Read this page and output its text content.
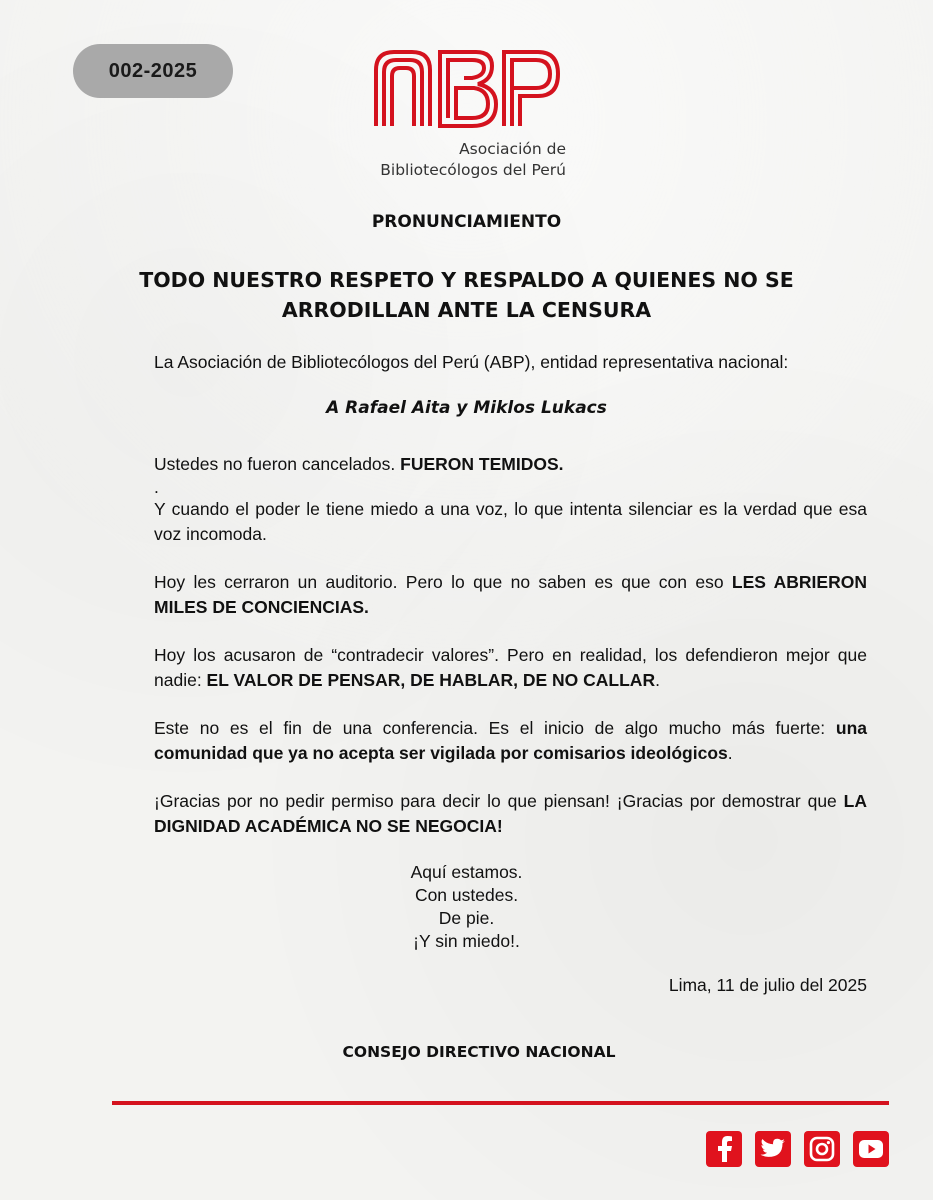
002-2025
Asociación de
Bibliotecólogos del Perú
PRONUNCIAMIENTO
TODO NUESTRO RESPETO Y RESPALDO A QUIENES NO SE
ARRODILLAN ANTE LA CENSURA
La Asociación de Bibliotecólogos del Perú (ABP), entidad representativa nacional:
A Rafael Aita y Miklos Lukacs
Ustedes no fueron cancelados. FUERON TEMIDOS.
.
Y cuando el poder le tiene miedo a una voz, lo que intenta silenciar es la verdad que esa voz incomoda.
Hoy les cerraron un auditorio. Pero lo que no saben es que con eso LES ABRIERON MILES DE CONCIENCIAS.
Hoy los acusaron de “contradecir valores”. Pero en realidad, los defendieron mejor que nadie: EL VALOR DE PENSAR, DE HABLAR, DE NO CALLAR.
Este no es el fin de una conferencia. Es el inicio de algo mucho más fuerte: una comunidad que ya no acepta ser vigilada por comisarios ideológicos.
¡Gracias por no pedir permiso para decir lo que piensan! ¡Gracias por demostrar que LA DIGNIDAD ACADÉMICA NO SE NEGOCIA!
Aquí estamos.
Con ustedes.
De pie.
¡Y sin miedo!.
Lima, 11 de julio del 2025
CONSEJO DIRECTIVO NACIONAL
